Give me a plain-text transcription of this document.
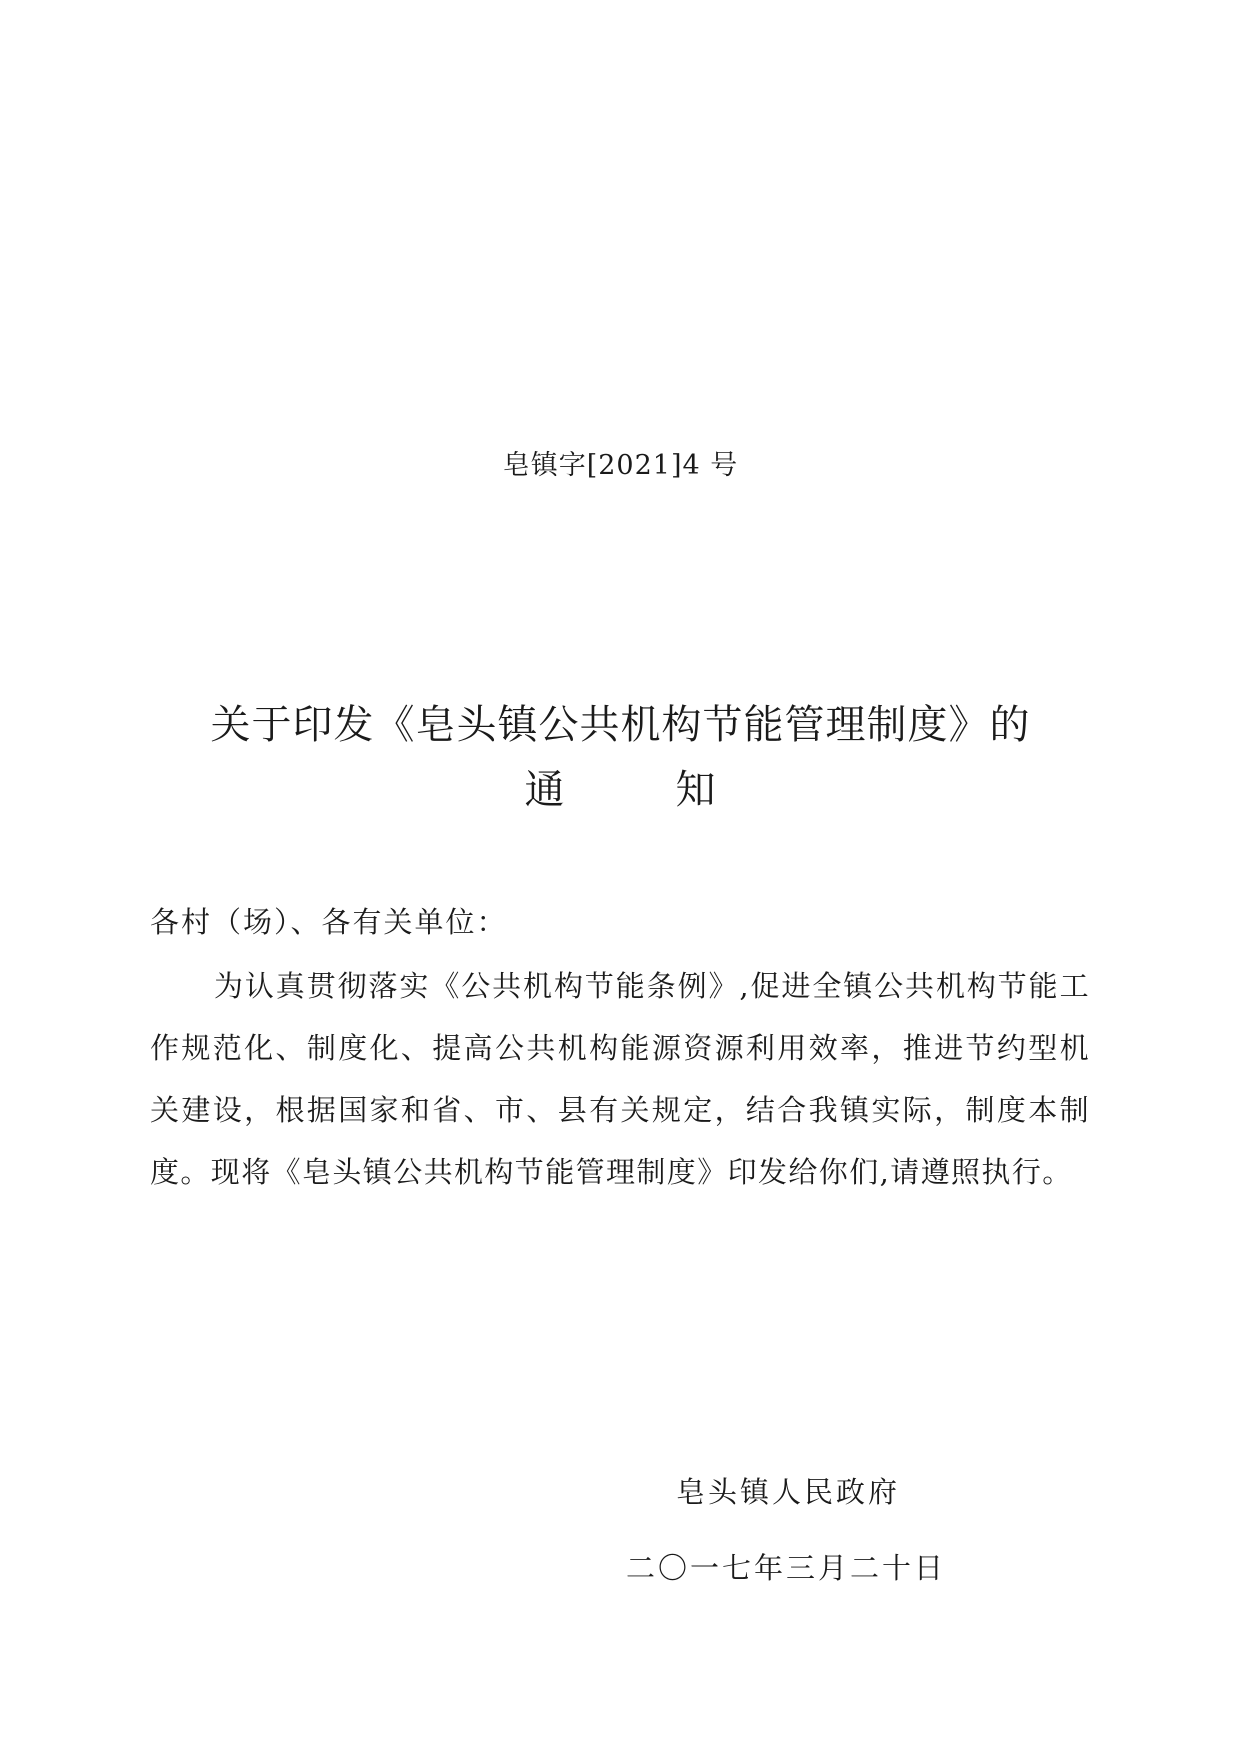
皂镇字[2021]4 号
关于印发《皂头镇公共机构节能管理制度》的
通	知
各村（场）、各有关单位：

为认真贯彻落实《公共机构节能条例》,促进全镇公共机构节能工作规范化、制度化、提高公共机构能源资源利用效率，推进节约型机关建设，根据国家和省、市、县有关规定，结合我镇实际，制度本制度。现将《皂头镇公共机构节能管理制度》印发给你们,请遵照执行。

皂头镇人民政府
二〇一七年三月二十日
